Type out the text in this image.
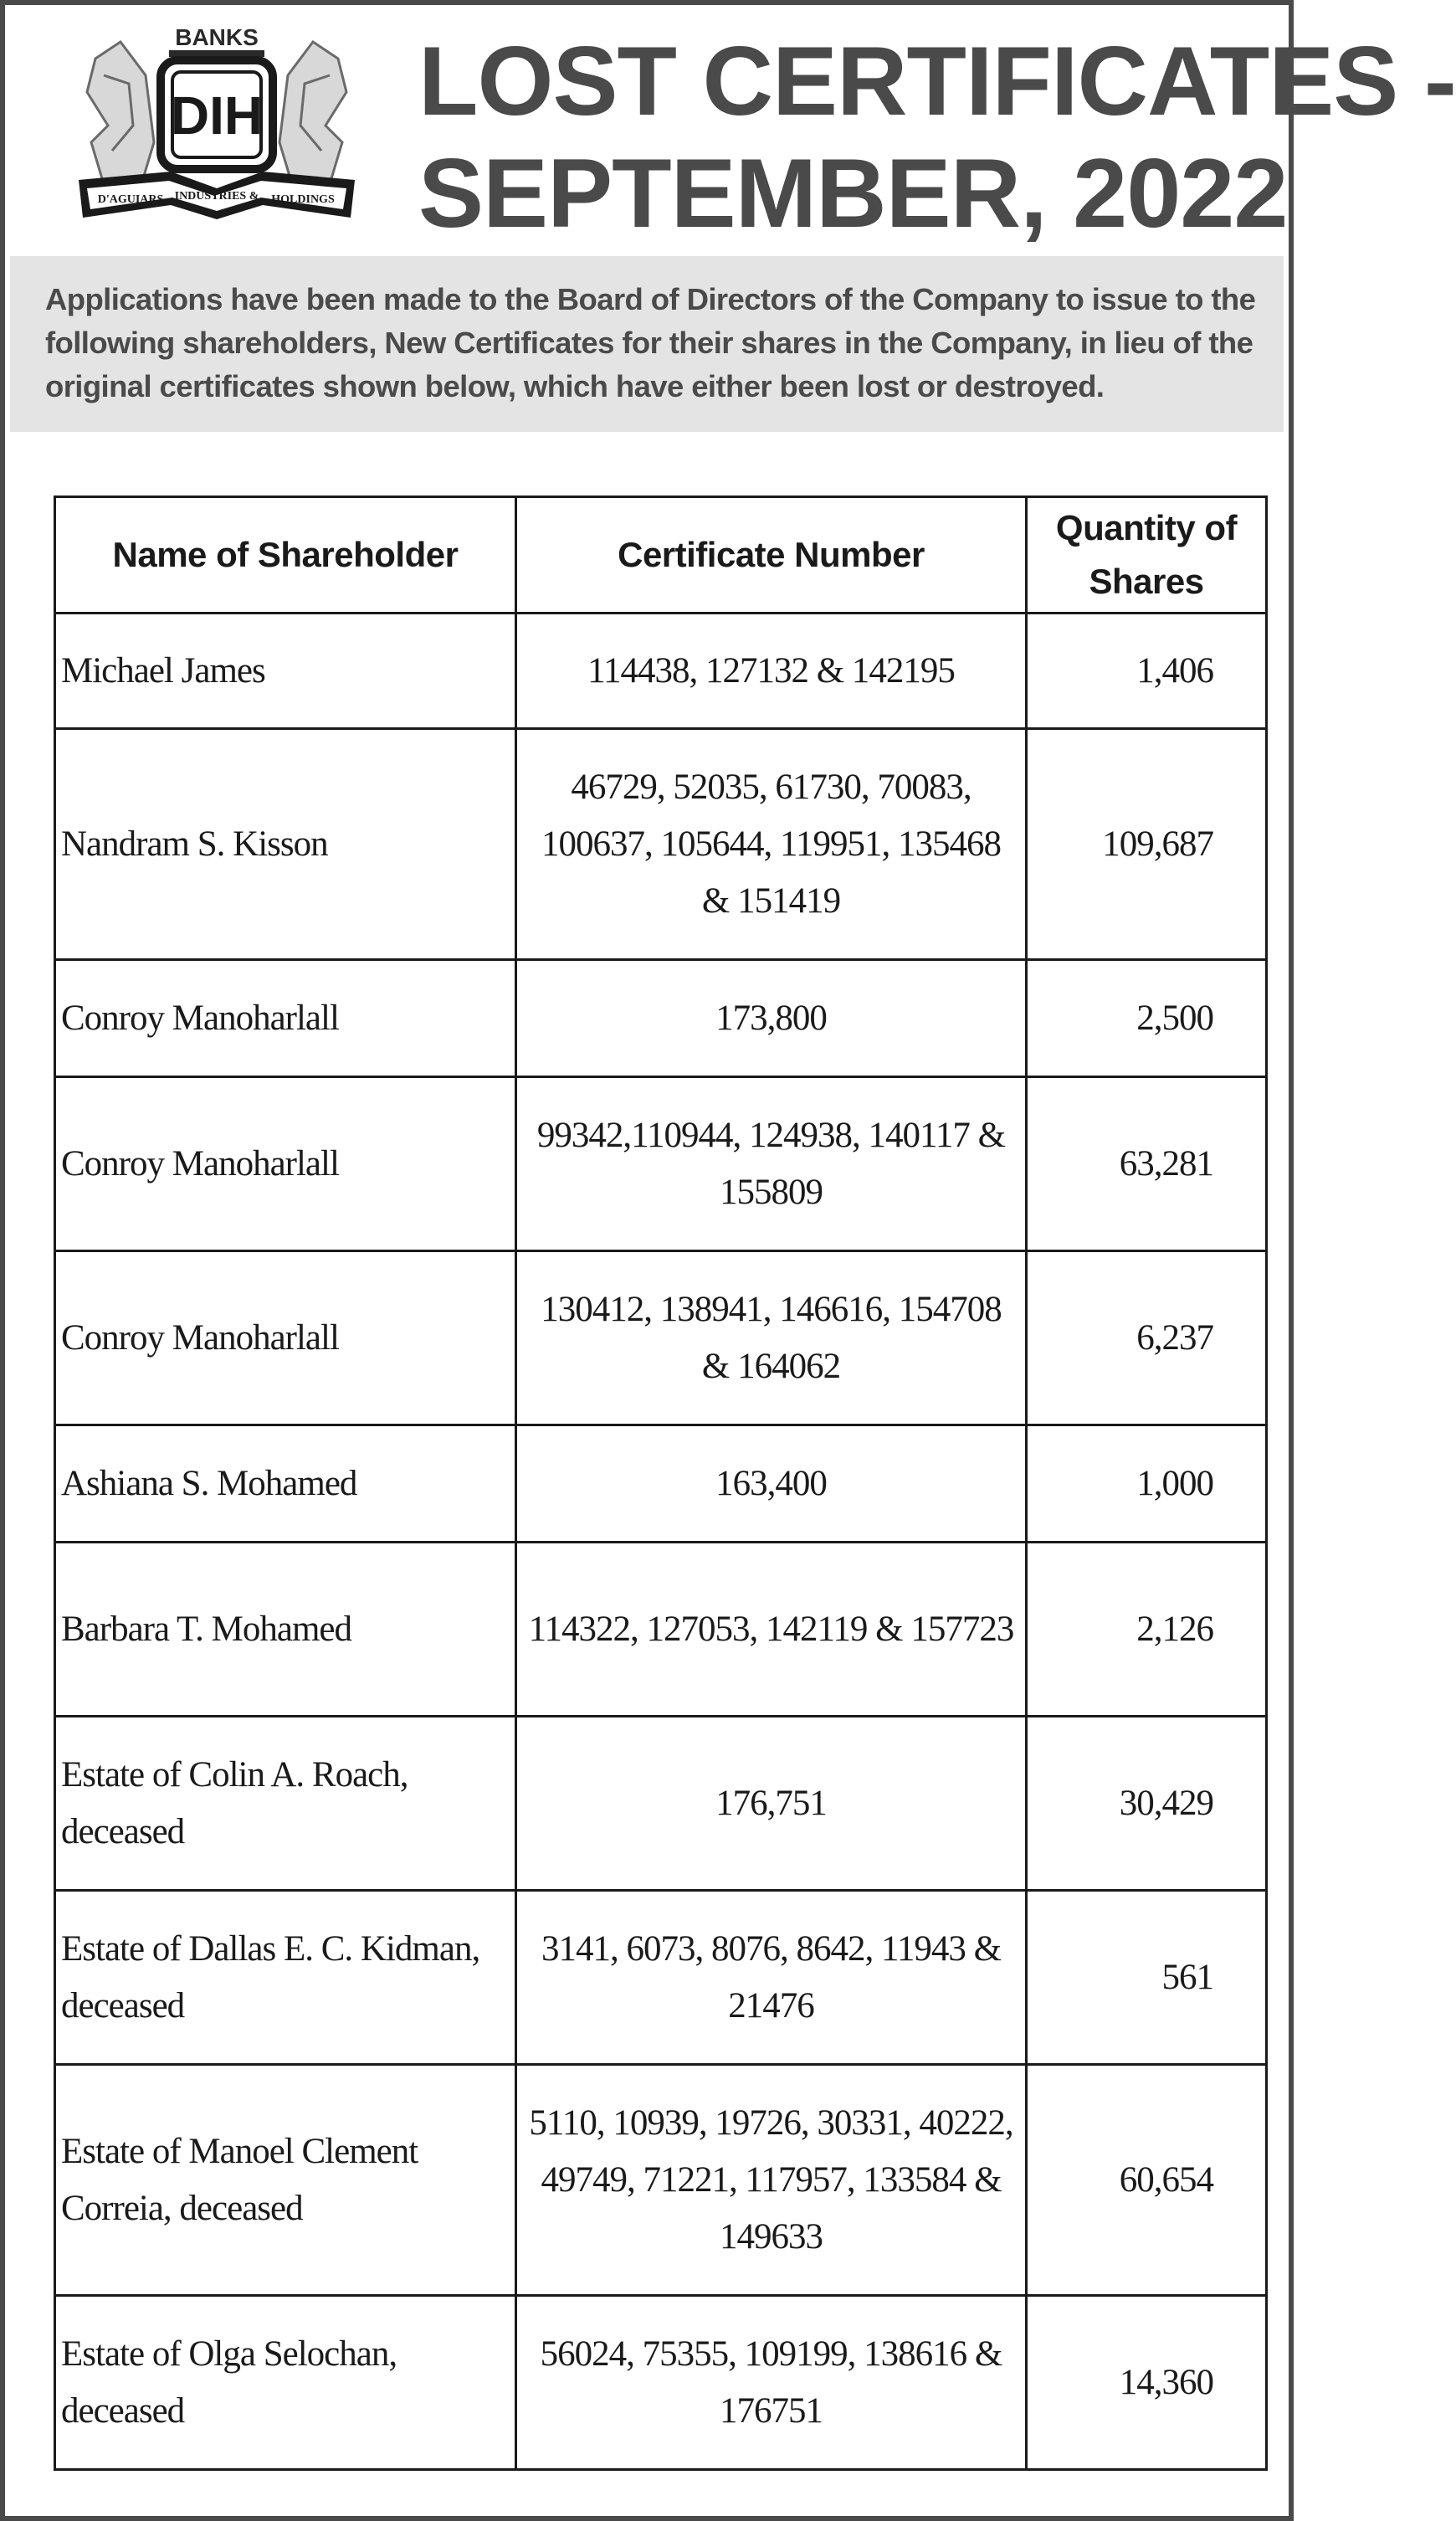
BANKS
DIH
D'AGUIARS INDUSTRIES & HOLDINGS
LOST CERTIFICATES -
SEPTEMBER, 2022

Applications have been made to the Board of Directors of the Company to issue to the following shareholders, New Certificates for their shares in the Company, in lieu of the original certificates shown below, which have either been lost or destroyed.

Name of Shareholder	Certificate Number	Quantity of Shares
Michael James	114438, 127132 & 142195	1,406
Nandram S. Kisson	46729, 52035, 61730, 70083, 100637, 105644, 119951, 135468 & 151419	109,687
Conroy Manoharlall	173,800	2,500
Conroy Manoharlall	99342,110944, 124938, 140117 & 155809	63,281
Conroy Manoharlall	130412, 138941, 146616, 154708 & 164062	6,237
Ashiana S. Mohamed	163,400	1,000
Barbara T. Mohamed	114322, 127053, 142119 & 157723	2,126
Estate of Colin A. Roach, deceased	176,751	30,429
Estate of Dallas E. C. Kidman, deceased	3141, 6073, 8076, 8642, 11943 & 21476	561
Estate of Manoel Clement Correia, deceased	5110, 10939, 19726, 30331, 40222, 49749, 71221, 117957, 133584 & 149633	60,654
Estate of Olga Selochan, deceased	56024, 75355, 109199, 138616 & 176751	14,360
